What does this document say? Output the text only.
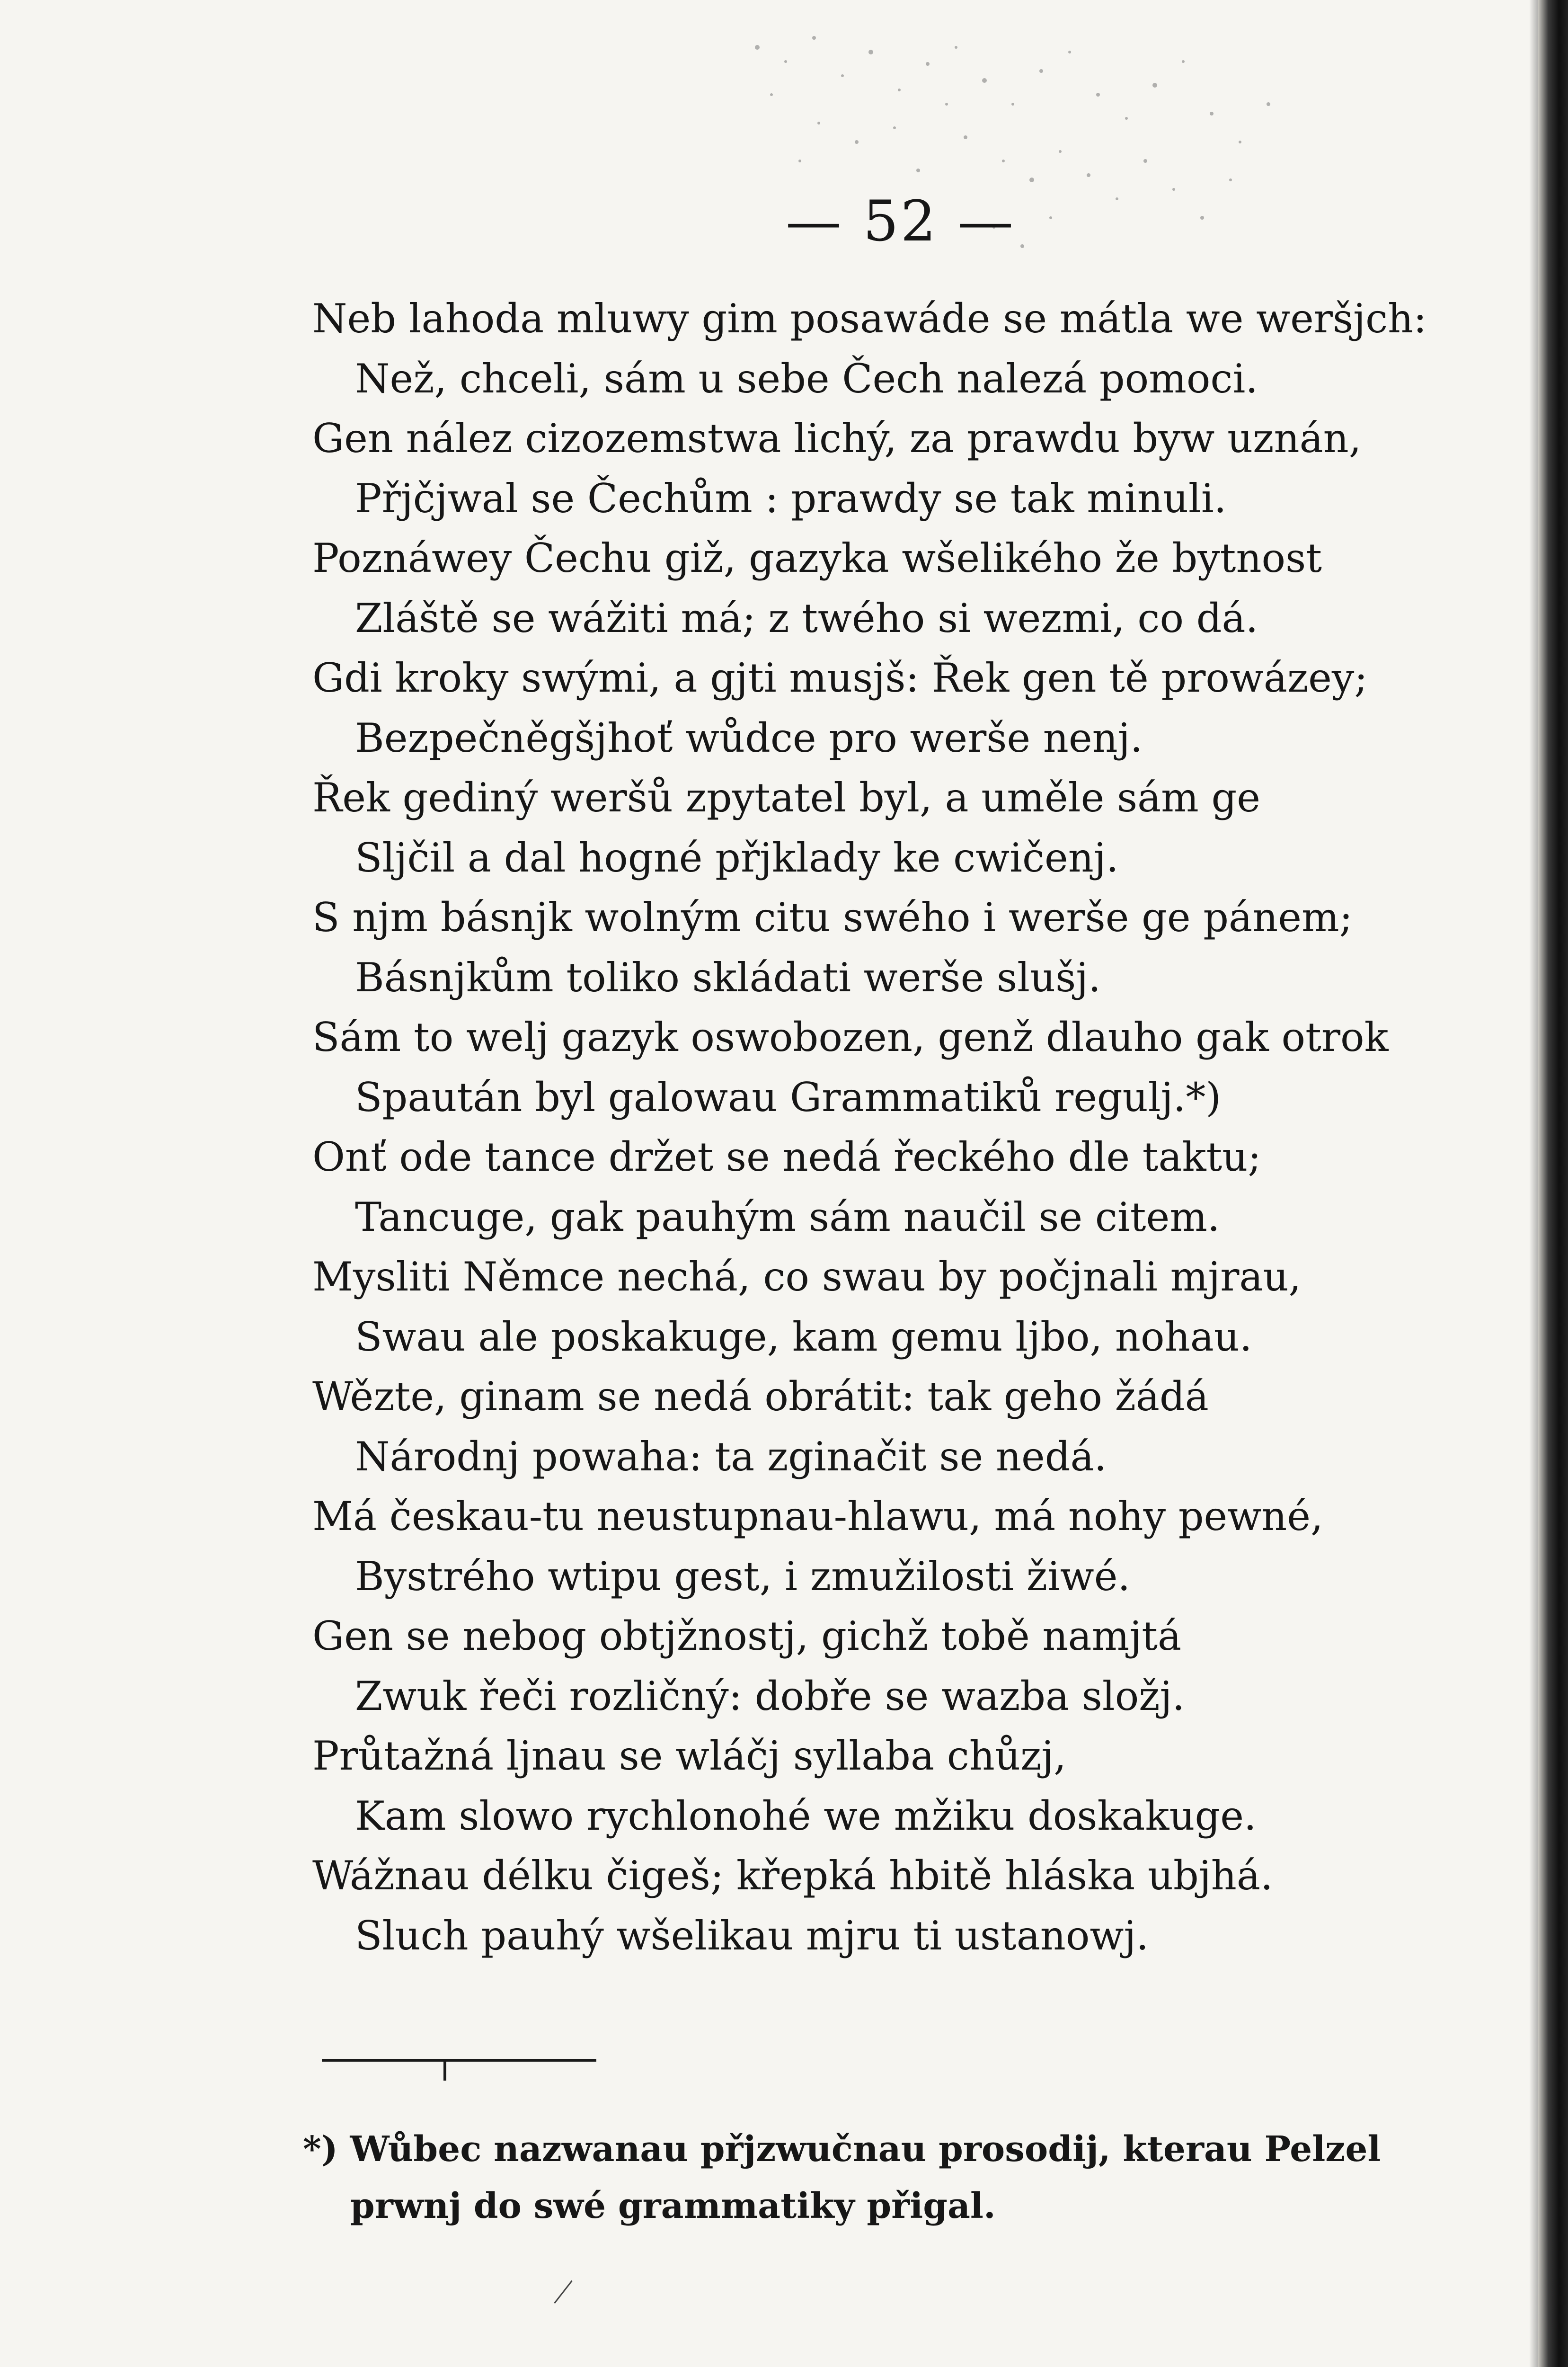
— 52 —
Neb lahoda mluwy gim posawáde se mátla we weršjch:
Než, chceli, sám u sebe Čech nalezá pomoci.
Gen nález cizozemstwa lichý, za prawdu byw uznán,
Přjčjwal se Čechům : prawdy se tak minuli.
Poznáwey Čechu giž, gazyka wšelikého že bytnost
Zláště se wážiti má; z twého si wezmi, co dá.
Gdi kroky swými, a gjti musjš: Řek gen tě prowázey;
Bezpečněgšjhoť wůdce pro werše nenj.
Řek gediný weršů zpytatel byl, a uměle sám ge
Sljčil a dal hogné přjklady ke cwičenj.
S njm básnjk wolným citu swého i werše ge pánem;
Básnjkům toliko skládati werše slušj.
Sám to welj gazyk oswobozen, genž dlauho gak otrok
Spaután byl galowau Grammatiků regulj.*)
Onť ode tance držet se nedá řeckého dle taktu;
Tancuge, gak pauhým sám naučil se citem.
Mysliti Němce nechá, co swau by počjnali mjrau,
Swau ale poskakuge, kam gemu ljbo, nohau.
Wězte, ginam se nedá obrátit: tak geho žádá
Národnj powaha: ta zginačit se nedá.
Má českau-tu neustupnau-hlawu, má nohy pewné,
Bystrého wtipu gest, i zmužilosti žiwé.
Gen se nebog obtjžnostj, gichž tobě namjtá
Zwuk řeči rozličný: dobře se wazba složj.
Průtažná ljnau se wláčj syllaba chůzj,
Kam slowo rychlonohé we mžiku doskakuge.
Wážnau délku čigeš; křepká hbitě hláska ubjhá.
Sluch pauhý wšelikau mjru ti ustanowj.
*) Wůbec nazwanau přjzwučnau prosodij, kterau Pelzel
prwnj do swé grammatiky přigal.
